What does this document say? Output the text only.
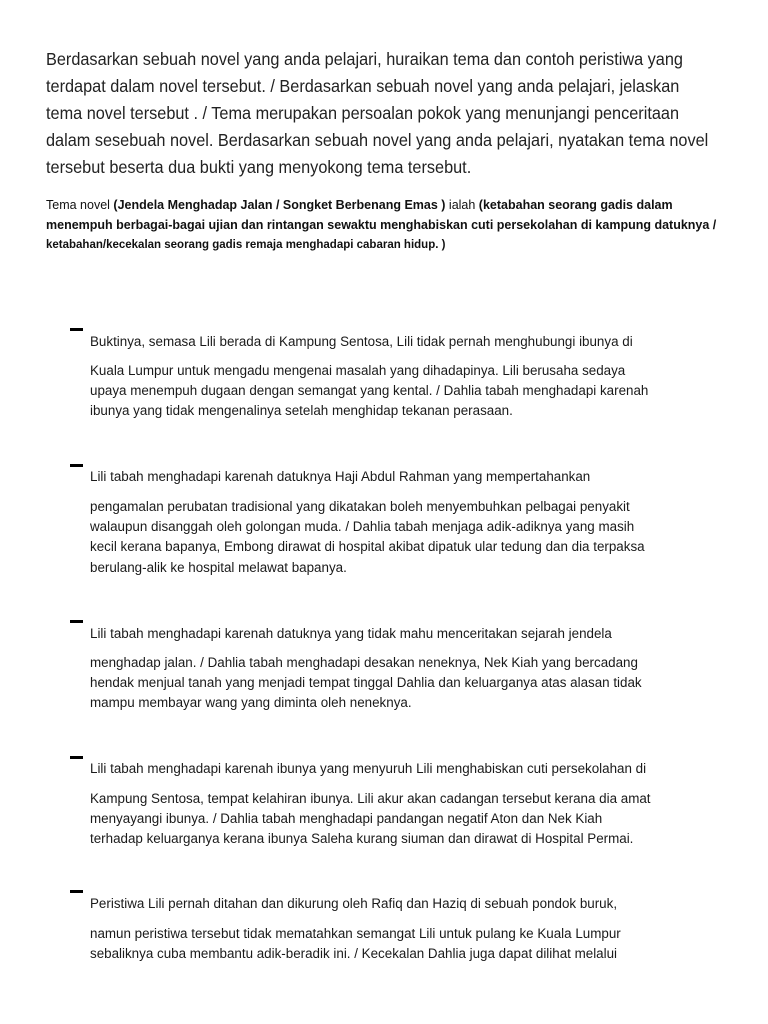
Berdasarkan sebuah novel yang anda pelajari, huraikan tema dan contoh peristiwa yang
terdapat dalam novel tersebut. / Berdasarkan sebuah novel yang anda pelajari, jelaskan
tema novel tersebut . / Tema merupakan persoalan pokok yang menunjangi penceritaan
dalam sesebuah novel. Berdasarkan sebuah novel yang anda pelajari, nyatakan tema novel
tersebut beserta dua bukti yang menyokong tema tersebut.
Tema novel (Jendela Menghadap Jalan / Songket Berbenang Emas ) ialah (ketabahan seorang gadis dalam menempuh berbagai-bagai ujian dan rintangan sewaktu menghabiskan cuti persekolahan di kampung datuknya / ketabahan/kecekalan seorang gadis remaja menghadapi cabaran hidup. )
Buktinya, semasa Lili berada di Kampung Sentosa, Lili tidak pernah menghubungi ibunya di
Kuala Lumpur untuk mengadu mengenai masalah yang dihadapinya. Lili berusaha sedaya
upaya menempuh dugaan dengan semangat yang kental. / Dahlia tabah menghadapi karenah
ibunya yang tidak mengenalinya setelah menghidap tekanan perasaan.
Lili tabah menghadapi karenah datuknya Haji Abdul Rahman yang mempertahankan
pengamalan perubatan tradisional yang dikatakan boleh menyembuhkan pelbagai penyakit
walaupun disanggah oleh golongan muda. / Dahlia tabah menjaga adik-adiknya yang masih
kecil kerana bapanya, Embong dirawat di hospital akibat dipatuk ular tedung dan dia terpaksa
berulang-alik ke hospital melawat bapanya.
Lili tabah menghadapi karenah datuknya yang tidak mahu menceritakan sejarah jendela
menghadap jalan. / Dahlia tabah menghadapi desakan neneknya, Nek Kiah yang bercadang
hendak menjual tanah yang menjadi tempat tinggal Dahlia dan keluarganya atas alasan tidak
mampu membayar wang yang diminta oleh neneknya.
Lili tabah menghadapi karenah ibunya yang menyuruh Lili menghabiskan cuti persekolahan di
Kampung Sentosa, tempat kelahiran ibunya. Lili akur akan cadangan tersebut kerana dia amat
menyayangi ibunya. / Dahlia tabah menghadapi pandangan negatif Aton dan Nek Kiah
terhadap keluarganya kerana ibunya Saleha kurang siuman dan dirawat di Hospital Permai.
Peristiwa Lili pernah ditahan dan dikurung oleh Rafiq dan Haziq di sebuah pondok buruk,
namun peristiwa tersebut tidak mematahkan semangat Lili untuk pulang ke Kuala Lumpur
sebaliknya cuba membantu adik-beradik ini. / Kecekalan Dahlia juga dapat dilihat melalui
